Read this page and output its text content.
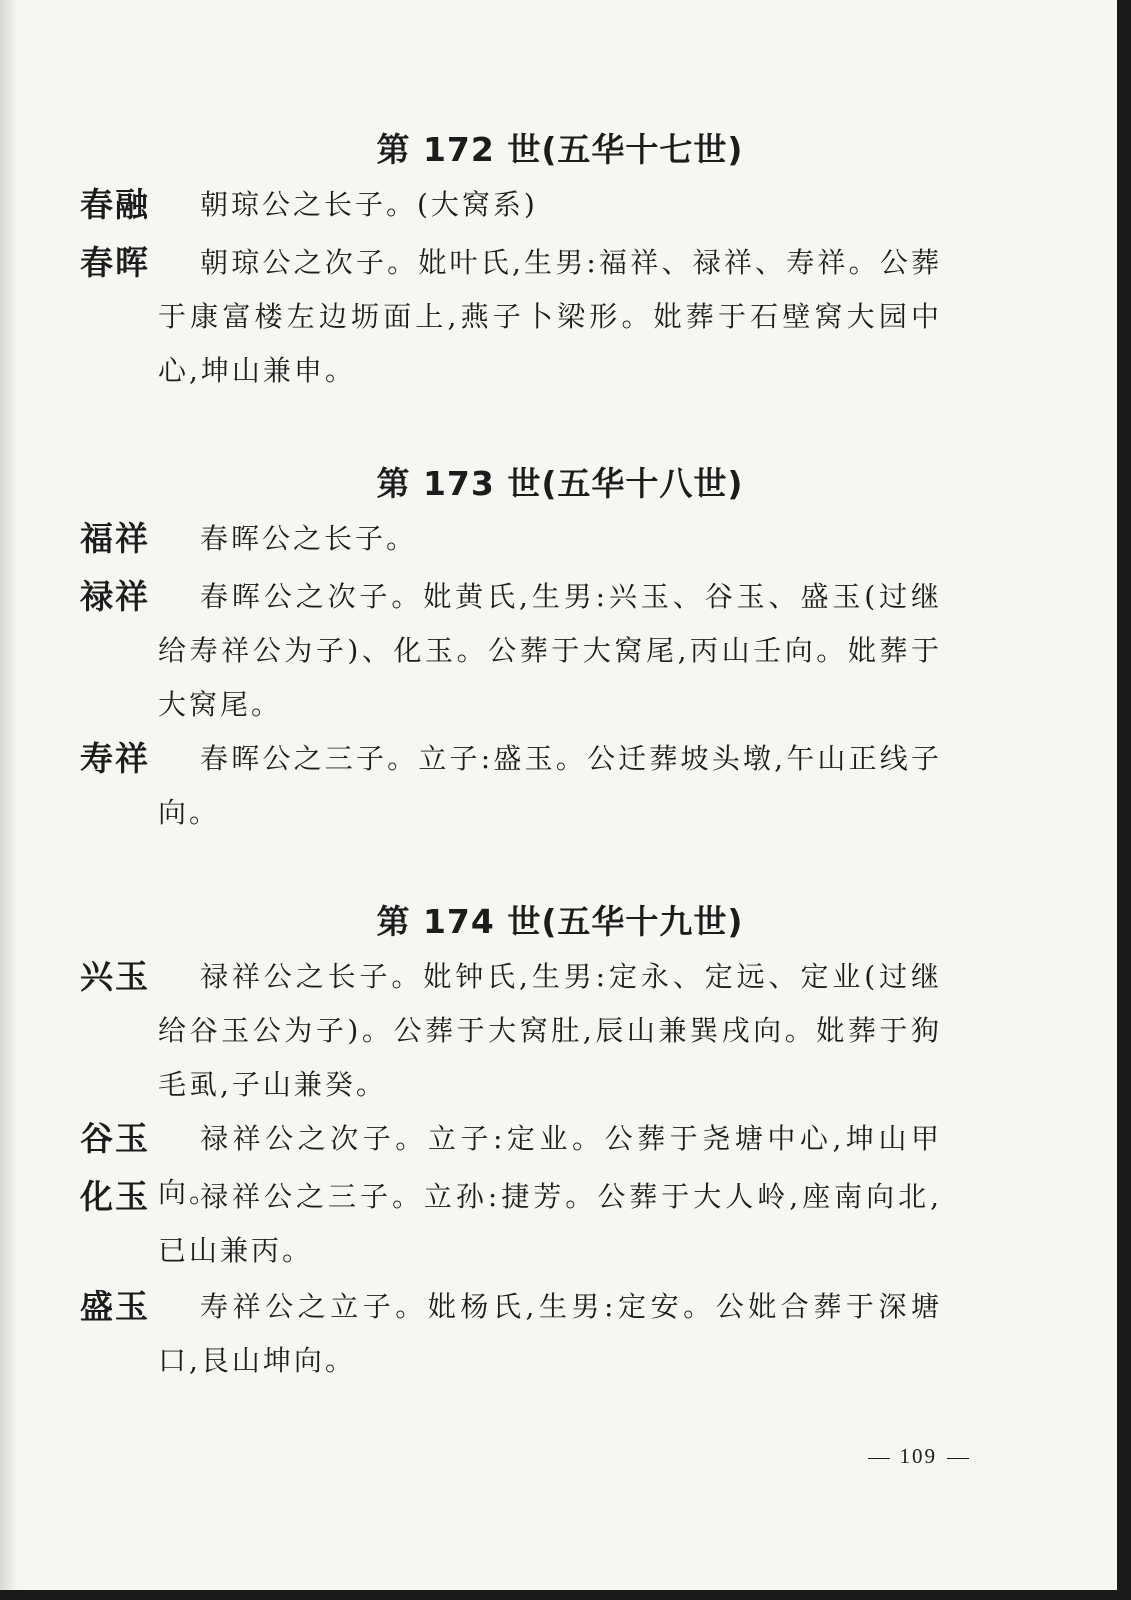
第 172 世(五华十七世)
春融	朝琼公之长子。(大窝系)
春晖	朝琼公之次子。妣叶氏,生男:福祥、禄祥、寿祥。公葬于康富楼左边坜面上,燕子卜梁形。妣葬于石壁窝大园中心,坤山兼申。
第 173 世(五华十八世)
福祥	春晖公之长子。
禄祥	春晖公之次子。妣黄氏,生男:兴玉、谷玉、盛玉(过继给寿祥公为子)、化玉。公葬于大窝尾,丙山壬向。妣葬于大窝尾。
寿祥	春晖公之三子。立子:盛玉。公迁葬坡头墩,午山正线子向。
第 174 世(五华十九世)
兴玉	禄祥公之长子。妣钟氏,生男:定永、定远、定业(过继给谷玉公为子)。公葬于大窝肚,辰山兼巽戌向。妣葬于狗毛虱,子山兼癸。
谷玉	禄祥公之次子。立子:定业。公葬于尧塘中心,坤山甲向。
化玉	禄祥公之三子。立孙:捷芳。公葬于大人岭,座南向北,已山兼丙。
盛玉	寿祥公之立子。妣杨氏,生男:定安。公妣合葬于深塘口,艮山坤向。
109
